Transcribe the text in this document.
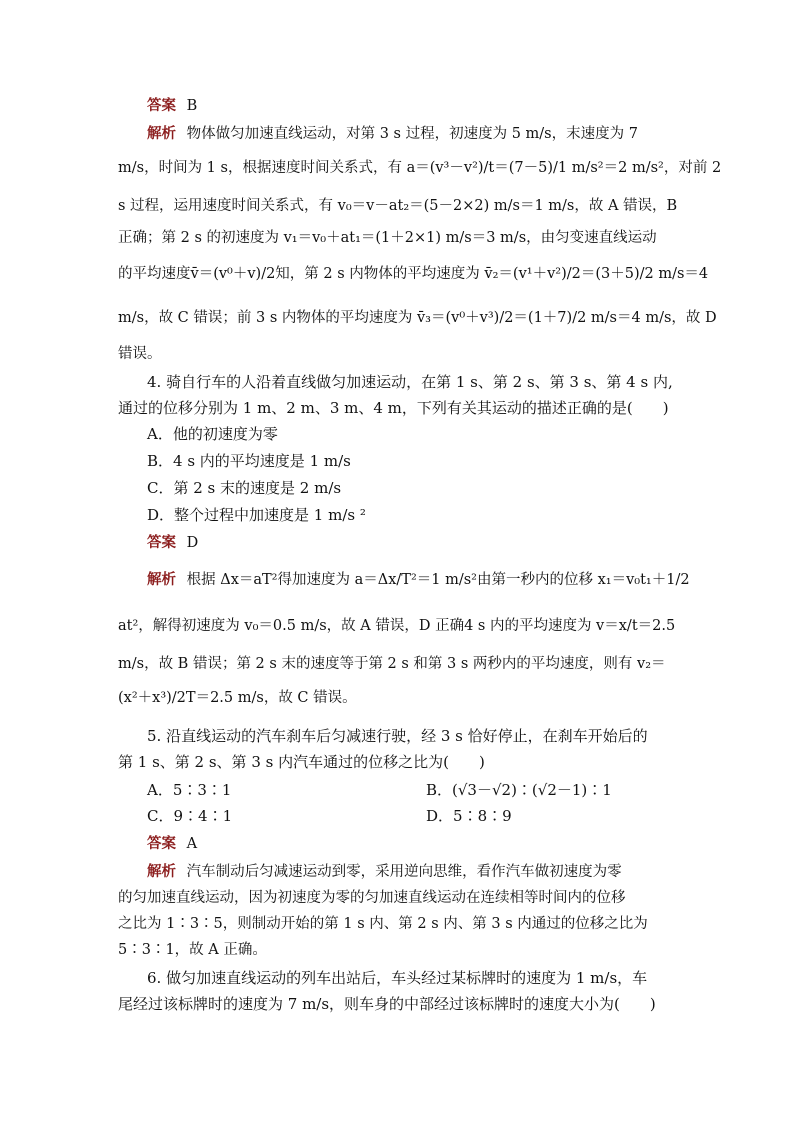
答案 B
解析 物体做匀加速直线运动，对第 3 s 过程，初速度为 5 m/s，末速度为 7
m/s，时间为 1 s，根据速度时间关系式，有 a＝(v³－v²)/t＝(7－5)/1 m/s²＝2 m/s²，对前 2
s 过程，运用速度时间关系式，有 v₀＝v－at₂＝(5－2×2) m/s＝1 m/s，故 A 错误，B
正确；第 2 s 的初速度为 v₁＝v₀＋at₁＝(1＋2×1) m/s＝3 m/s，由匀变速直线运动
的平均速度v̄＝(v⁰＋v)/2知，第 2 s 内物体的平均速度为 v̄₂＝(v¹＋v²)/2＝(3＋5)/2 m/s＝4
m/s，故 C 错误；前 3 s 内物体的平均速度为 v̄₃＝(v⁰＋v³)/2＝(1＋7)/2 m/s＝4 m/s，故 D
错误。
4. 骑自行车的人沿着直线做匀加速运动，在第 1 s、第 2 s、第 3 s、第 4 s 内,
通过的位移分别为 1 m、2 m、3 m、4 m，下列有关其运动的描述正确的是(　　)
A．他的初速度为零
B．4 s 内的平均速度是 1 m/s
C．第 2 s 末的速度是 2 m/s
D．整个过程中加速度是 1 m/s ²
答案 D
解析 根据 Δx＝aT²得加速度为 a＝Δx/T²＝1 m/s²由第一秒内的位移 x₁＝v₀t₁＋1/2
at²，解得初速度为 v₀＝0.5 m/s，故 A 错误，D 正确4 s 内的平均速度为 v＝x/t＝2.5
m/s，故 B 错误；第 2 s 末的速度等于第 2 s 和第 3 s 两秒内的平均速度，则有 v₂＝
(x²＋x³)/2T＝2.5 m/s，故 C 错误。
5. 沿直线运动的汽车刹车后匀减速行驶，经 3 s 恰好停止，在刹车开始后的
第 1 s、第 2 s、第 3 s 内汽车通过的位移之比为(　　)
A．5∶3∶1	B．(√3－√2)∶(√2－1)∶1
C．9∶4∶1	D．5∶8∶9
答案 A
解析 汽车制动后匀减速运动到零，采用逆向思维，看作汽车做初速度为零
的匀加速直线运动，因为初速度为零的匀加速直线运动在连续相等时间内的位移
之比为 1∶3∶5，则制动开始的第 1 s 内、第 2 s 内、第 3 s 内通过的位移之比为
5∶3∶1，故 A 正确。
6. 做匀加速直线运动的列车出站后，车头经过某标牌时的速度为 1 m/s，车
尾经过该标牌时的速度为 7 m/s，则车身的中部经过该标牌时的速度大小为(　　)
